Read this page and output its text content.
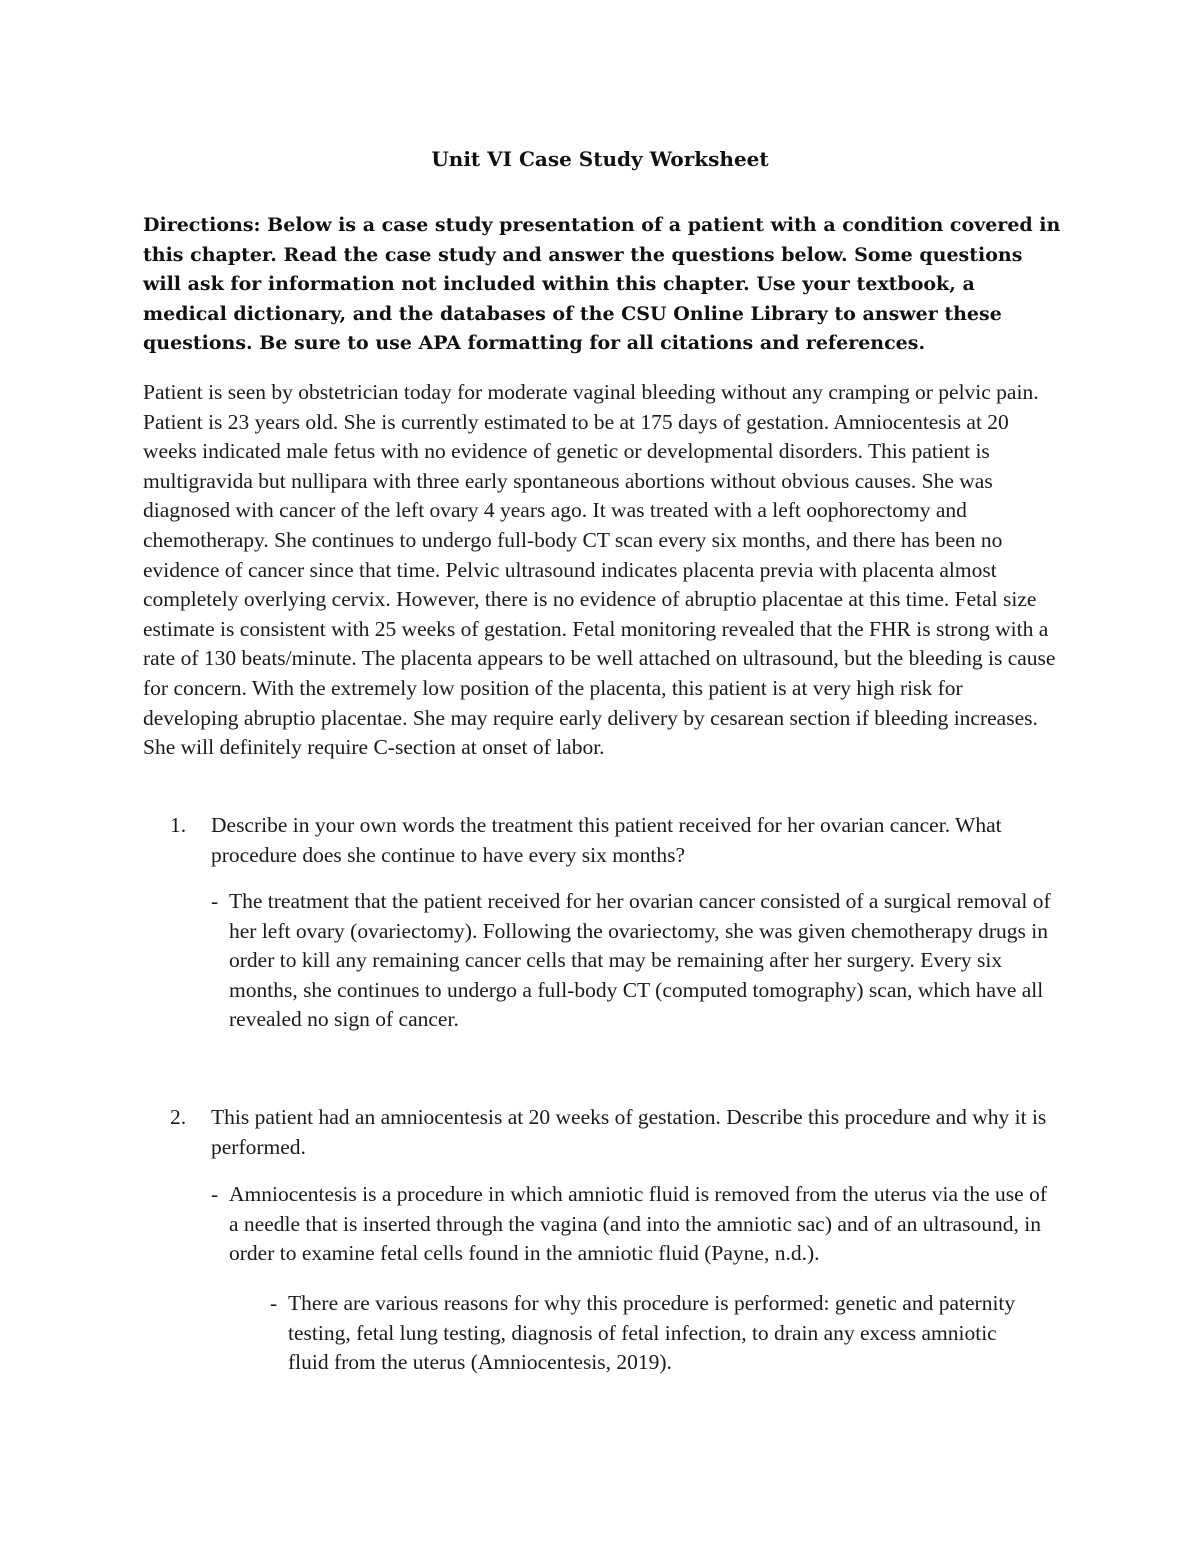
Unit VI Case Study Worksheet

Directions: Below is a case study presentation of a patient with a condition covered in this chapter. Read the case study and answer the questions below. Some questions will ask for information not included within this chapter. Use your textbook, a medical dictionary, and the databases of the CSU Online Library to answer these questions. Be sure to use APA formatting for all citations and references.

Patient is seen by obstetrician today for moderate vaginal bleeding without any cramping or pelvic pain. Patient is 23 years old. She is currently estimated to be at 175 days of gestation. Amniocentesis at 20 weeks indicated male fetus with no evidence of genetic or developmental disorders. This patient is multigravida but nullipara with three early spontaneous abortions without obvious causes. She was diagnosed with cancer of the left ovary 4 years ago. It was treated with a left oophorectomy and chemotherapy. She continues to undergo full-body CT scan every six months, and there has been no evidence of cancer since that time. Pelvic ultrasound indicates placenta previa with placenta almost completely overlying cervix. However, there is no evidence of abruptio placentae at this time. Fetal size estimate is consistent with 25 weeks of gestation. Fetal monitoring revealed that the FHR is strong with a rate of 130 beats/minute. The placenta appears to be well attached on ultrasound, but the bleeding is cause for concern. With the extremely low position of the placenta, this patient is at very high risk for developing abruptio placentae. She may require early delivery by cesarean section if bleeding increases. She will definitely require C-section at onset of labor.

1. Describe in your own words the treatment this patient received for her ovarian cancer. What procedure does she continue to have every six months?
- The treatment that the patient received for her ovarian cancer consisted of a surgical removal of her left ovary (ovariectomy). Following the ovariectomy, she was given chemotherapy drugs in order to kill any remaining cancer cells that may be remaining after her surgery. Every six months, she continues to undergo a full-body CT (computed tomography) scan, which have all revealed no sign of cancer.
2. This patient had an amniocentesis at 20 weeks of gestation. Describe this procedure and why it is performed.
- Amniocentesis is a procedure in which amniotic fluid is removed from the uterus via the use of a needle that is inserted through the vagina (and into the amniotic sac) and of an ultrasound, in order to examine fetal cells found in the amniotic fluid (Payne, n.d.).
- There are various reasons for why this procedure is performed: genetic and paternity testing, fetal lung testing, diagnosis of fetal infection, to drain any excess amniotic fluid from the uterus (Amniocentesis, 2019).
